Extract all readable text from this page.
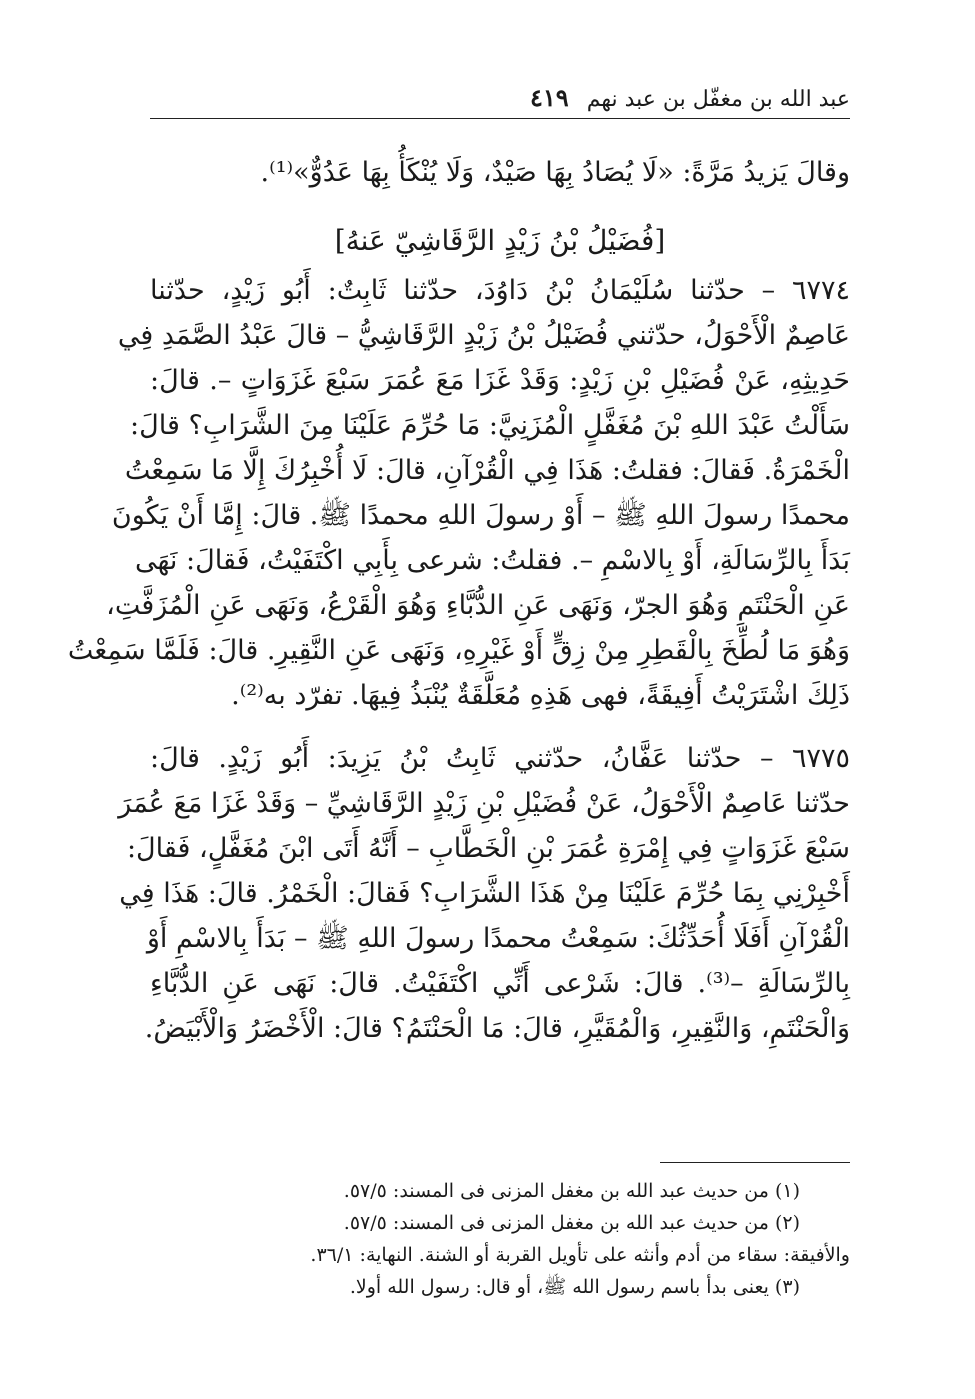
عبد الله بن مغفّل بن عبد نهم
٤١٩
وقالَ يَزيدُ مَرَّةً: «لَا يُصَادُ بِهَا صَيْدٌ، وَلَا يُنْكَأُ بِهَا عَدُوٌّ»⁽¹⁾.
[فُضَيْلُ بْنُ زَيْدٍ الرَّقَاشِيّ عَنهُ]
٦٧٧٤ – حدّثنا سُلَيْمَانُ بْنُ دَاوُدَ، حدّثنا ثَابِتٌ: أَبُو زَيْدٍ، حدّثنا
عَاصِمٌ الْأَحْوَلُ، حدّثني فُضَيْلُ بْنُ زَيْدٍ الرَّقَاشِيُّ – قالَ عَبْدُ الصَّمَدِ فِي
حَدِيثِهِ، عَنْ فُضَيْلِ بْنِ زَيْدٍ: وَقَدْ غَزَا مَعَ عُمَرَ سَبْعَ غَزَوَاتٍ –. قالَ:
سَأَلْتُ عَبْدَ اللهِ بْنَ مُغَفَّلٍ الْمُزَنِيَّ: مَا حُرِّمَ عَلَيْنَا مِنَ الشَّرَابِ؟ قالَ:
الْخَمْرَةُ. فَقالَ: فقلتُ: هَذَا فِي الْقُرْآنِ، قالَ: لَا أُخْبِرُكَ إِلَّا مَا سَمِعْتُ
محمدًا رسولَ اللهِ ﷺ – أَوْ رسولَ اللهِ محمدًا ﷺ. قالَ: إِمَّا أَنْ يَكُونَ
بَدَأَ بِالرِّسَالَةِ، أَوْ بِالاسْمِ –. فقلتُ: شرعى بِأَبِي اكْتَفَيْتُ، فَقالَ: نَهَى
عَنِ الْحَنْتَمِ وَهُوَ الجرّ، وَنَهَى عَنِ الدُّبَّاءِ وَهُوَ الْقَرْعُ، وَنَهَى عَنِ الْمُزَفَّتِ،
وَهُوَ مَا لُطِّخَ بِالْقَطِرِ مِنْ زِقٍّ أَوْ غَيْرِهِ، وَنَهَى عَنِ النَّقِيرِ. قالَ: فَلَمَّا سَمِعْتُ
ذَلِكَ اشْتَرَيْتُ أَفِيقَةً، فهى هَذِهِ مُعَلَّقَةٌ يُنْبَذُ فِيهَا. تفرّد به⁽²⁾.
٦٧٧٥ – حدّثنا عَفَّانُ، حدّثني ثَابِتُ بْنُ يَزِيدَ: أَبُو زَيْدٍ. قالَ:
حدّثنا عَاصِمٌ الْأَحْوَلُ، عَنْ فُضَيْلِ بْنِ زَيْدٍ الرَّقَاشِيِّ – وَقَدْ غَزَا مَعَ عُمَرَ
سَبْعَ غَزَوَاتٍ فِي إِمْرَةِ عُمَرَ بْنِ الْخَطَّابِ – أَنَّهُ أَتَى ابْنَ مُغَفَّلٍ، فَقالَ:
أَخْبِرْنِي بِمَا حُرِّمَ عَلَيْنَا مِنْ هَذَا الشَّرَابِ؟ فَقالَ: الْخَمْرُ. قالَ: هَذَا فِي
الْقُرْآنِ أَفَلَا أُحَدِّثُكَ: سَمِعْتُ محمدًا رسولَ اللهِ ﷺ – بَدَأَ بِالاسْمِ أَوْ
بِالرِّسَالَةِ –⁽³⁾. قالَ: شَرْعى أَنِّي اكْتَفَيْتُ. قالَ: نَهَى عَنِ الدُّبَّاءِ
وَالْحَنْتَمِ، وَالنَّقِيرِ، وَالْمُقَيَّرِ، قالَ: مَا الْحَنْتَمُ؟ قالَ: الْأَخْضَرُ وَالْأَبْيَضُ.
(١) من حديث عبد الله بن مغفل المزنى فى المسند: ٥٧/٥.
(٢) من حديث عبد الله بن مغفل المزنى فى المسند: ٥٧/٥.
والأفيقة: سقاء من أدم وأنثه على تأويل القربة أو الشنة. النهاية: ٣٦/١.
(٣) يعنى بدأ باسم رسول الله ﷺ، أو قال: رسول الله أولا.
